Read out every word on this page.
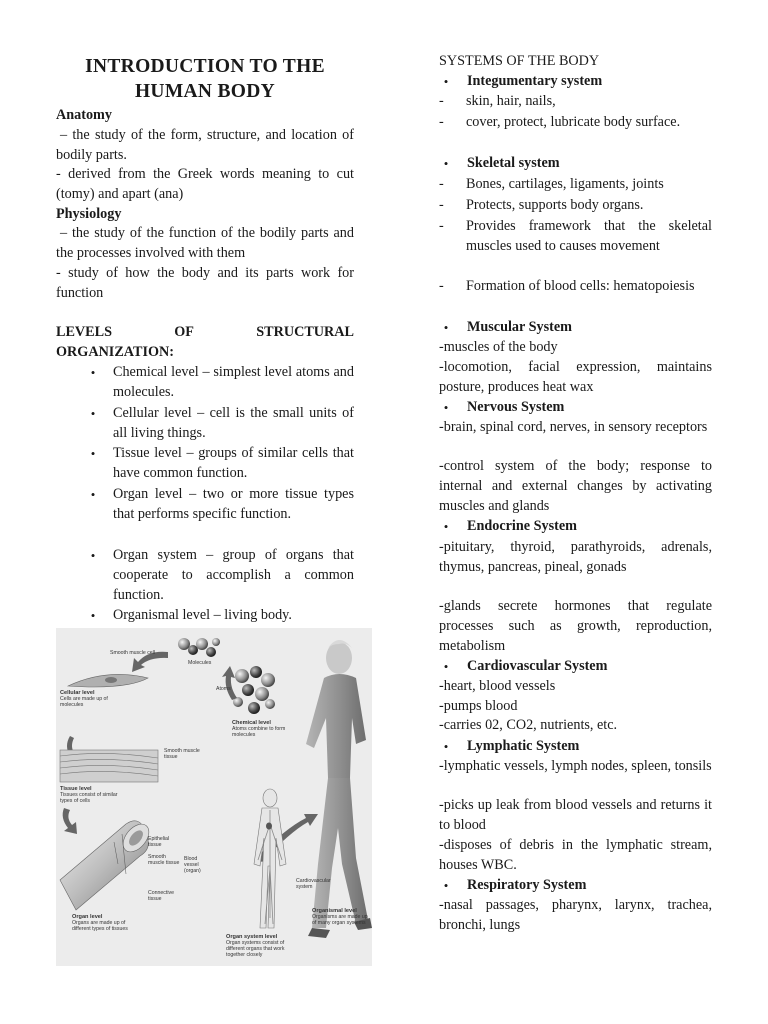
INTRODUCTION TO THE
HUMAN BODY

Anatomy

– the study of the form, structure, and location of bodily parts.

- derived from the Greek words meaning to cut (tomy) and apart (ana)

Physiology

– the study of the function of the bodily parts and the processes involved with them

- study of how the body and its parts work for function

LEVELS	OF	STRUCTURAL

ORGANIZATION:

•	Chemical level – simplest level atoms and molecules.
•	Cellular level – cell is the small units of all living things.
•	Tissue level – groups of similar cells that have common function.
•	Organ level – two or more tissue types that performs specific function.
•	Organ system – group of organs that cooperate to accomplish a common function.
•	Organismal level – living body.
Molecules
Atoms
Smooth muscle cell
Cellular level
Cells are made up of molecules
Chemical level
Atoms combine to form molecules
Smooth muscle tissue
Tissue level
Tissues consist of similar types of cells
Epithelial tissue
Smooth muscle tissue
Connective tissue
Blood vessel (organ)
Cardiovascular system
Organ level
Organs are made up of different types of tissues
Organ system level
Organ systems consist of different organs that work together closely
Organismal level
Organisms are made up of many organ systems

SYSTEMS OF THE BODY

•	Integumentary system
- skin, hair, nails,
- cover, protect, lubricate body surface.
•	Skeletal system
- Bones, cartilages, ligaments, joints
- Protects, supports body organs.
- Provides framework that the skeletal muscles used to causes movement
- Formation of blood cells: hematopoiesis
•	Muscular System

-muscles of the body

-locomotion, facial expression, maintains posture, produces heat wax

•	Nervous System

-brain, spinal cord, nerves, in sensory receptors

-control system of the body; response to internal and external changes by activating muscles and glands

•	Endocrine System

-pituitary, thyroid, parathyroids, adrenals, thymus, pancreas, pineal, gonads

-glands secrete hormones that regulate processes such as growth, reproduction, metabolism

•	Cardiovascular System

-heart, blood vessels

-pumps blood

-carries 02, CO2, nutrients, etc.

•	Lymphatic System

-lymphatic vessels, lymph nodes, spleen, tonsils

-picks up leak from blood vessels and returns it to blood

-disposes of debris in the lymphatic stream, houses WBC.

•	Respiratory System

-nasal passages, pharynx, larynx, trachea, bronchi, lungs
